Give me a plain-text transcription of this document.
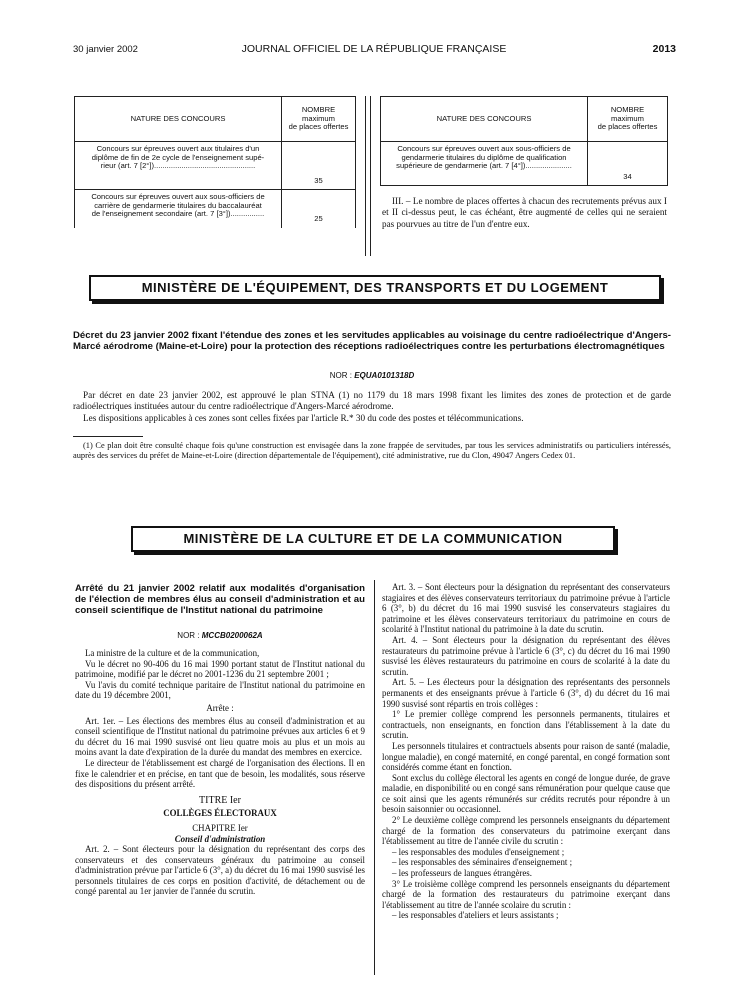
30 janvier 2002	JOURNAL OFFICIEL DE LA RÉPUBLIQUE FRANÇAISE	2013
NATURE DES CONCOURS	NOMBRE
maximum
de places offertes
Concours sur épreuves ouvert aux titulaires d'un
diplôme de fin de 2e cycle de l'enseignement supé-
rieur (art. 7 [2°])................................................	35
Concours sur épreuves ouvert aux sous-officiers de
carrière de gendarmerie titulaires du baccalauréat
de l'enseignement secondaire (art. 7 [3°])................	25
NATURE DES CONCOURS	NOMBRE
maximum
de places offertes
Concours sur épreuves ouvert aux sous-officiers de
gendarmerie titulaires du diplôme de qualification
supérieure de gendarmerie (art. 7 [4°])......................	34

III. – Le nombre de places offertes à chacun des recrutements prévus aux I et II ci-dessus peut, le cas échéant, être augmenté de celles qui ne seraient pas pourvues au titre de l'un d'entre eux.

MINISTÈRE DE L'ÉQUIPEMENT, DES TRANSPORTS ET DU LOGEMENT
Décret du 23 janvier 2002 fixant l'étendue des zones et les servitudes applicables au voisinage du centre radioélectrique d'Angers-Marcé aérodrome (Maine-et-Loire) pour la protection des réceptions radioélectriques contre les perturbations électromagnétiques
NOR : EQUA0101318D

Par décret en date 23 janvier 2002, est approuvé le plan STNA (1) no 1179 du 18 mars 1998 fixant les limites des zones de protection et de garde radioélectriques instituées autour du centre radioélectrique d'Angers-Marcé aérodrome.

Les dispositions applicables à ces zones sont celles fixées par l'article R.* 30 du code des postes et télécommunications.

(1) Ce plan doit être consulté chaque fois qu'une construction est envisagée dans la zone frappée de servitudes, par tous les services administratifs ou particuliers intéressés, auprès des services du préfet de Maine-et-Loire (direction départementale de l'équipement), cité administrative, rue du Clon, 49047 Angers Cedex 01.

MINISTÈRE DE LA CULTURE ET DE LA COMMUNICATION
Arrêté du 21 janvier 2002 relatif aux modalités d'organisation de l'élection de membres élus au conseil d'administration et au conseil scientifique de l'Institut national du patrimoine
NOR : MCCB0200062A

La ministre de la culture et de la communication,

Vu le décret no 90-406 du 16 mai 1990 portant statut de l'Institut national du patrimoine, modifié par le décret no 2001-1236 du 21 septembre 2001 ;

Vu l'avis du comité technique paritaire de l'Institut national du patrimoine en date du 19 décembre 2001,

Arrête :

Art. 1er. – Les élections des membres élus au conseil d'administration et au conseil scientifique de l'Institut national du patrimoine prévues aux articles 6 et 9 du décret du 16 mai 1990 susvisé ont lieu quatre mois au plus et un mois au moins avant la date d'expiration de la durée du mandat des membres en exercice.

Le directeur de l'établissement est chargé de l'organisation des élections. Il en fixe le calendrier et en précise, en tant que de besoin, les modalités, sous réserve des dispositions du présent arrêté.

TITRE Ier

COLLÈGES ÉLECTORAUX

CHAPITRE Ier

Conseil d'administration

Art. 2. – Sont électeurs pour la désignation du représentant des corps des conservateurs et des conservateurs généraux du patrimoine au conseil d'administration prévue par l'article 6 (3°, a) du décret du 16 mai 1990 susvisé les personnels titulaires de ces corps en position d'activité, de détachement ou de congé parental au 1er janvier de l'année du scrutin.

Art. 3. – Sont électeurs pour la désignation du représentant des conservateurs stagiaires et des élèves conservateurs territoriaux du patrimoine prévue à l'article 6 (3°, b) du décret du 16 mai 1990 susvisé les conservateurs stagiaires du patrimoine et les élèves conservateurs territoriaux du patrimoine en cours de scolarité à l'Institut national du patrimoine à la date du scrutin.

Art. 4. – Sont électeurs pour la désignation du représentant des élèves restaurateurs du patrimoine prévue à l'article 6 (3°, c) du décret du 16 mai 1990 susvisé les élèves restaurateurs du patrimoine en cours de scolarité à la date du scrutin.

Art. 5. – Les électeurs pour la désignation des représentants des personnels permanents et des enseignants prévue à l'article 6 (3°, d) du décret du 16 mai 1990 susvisé sont répartis en trois collèges :

1° Le premier collège comprend les personnels permanents, titulaires et contractuels, non enseignants, en fonction dans l'établissement à la date du scrutin.

Les personnels titulaires et contractuels absents pour raison de santé (maladie, longue maladie), en congé maternité, en congé parental, en congé formation sont considérés comme étant en fonction.

Sont exclus du collège électoral les agents en congé de longue durée, de grave maladie, en disponibilité ou en congé sans rémunération pour quelque cause que ce soit ainsi que les agents rémunérés sur crédits recrutés pour répondre à un besoin saisonnier ou occasionnel.

2° Le deuxième collège comprend les personnels enseignants du département chargé de la formation des conservateurs du patrimoine exerçant dans l'établissement au titre de l'année civile du scrutin :

– les responsables des modules d'enseignement ;

– les responsables des séminaires d'enseignement ;

– les professeurs de langues étrangères.

3° Le troisième collège comprend les personnels enseignants du département chargé de la formation des restaurateurs du patrimoine exerçant dans l'établissement au titre de l'année scolaire du scrutin :

– les responsables d'ateliers et leurs assistants ;
